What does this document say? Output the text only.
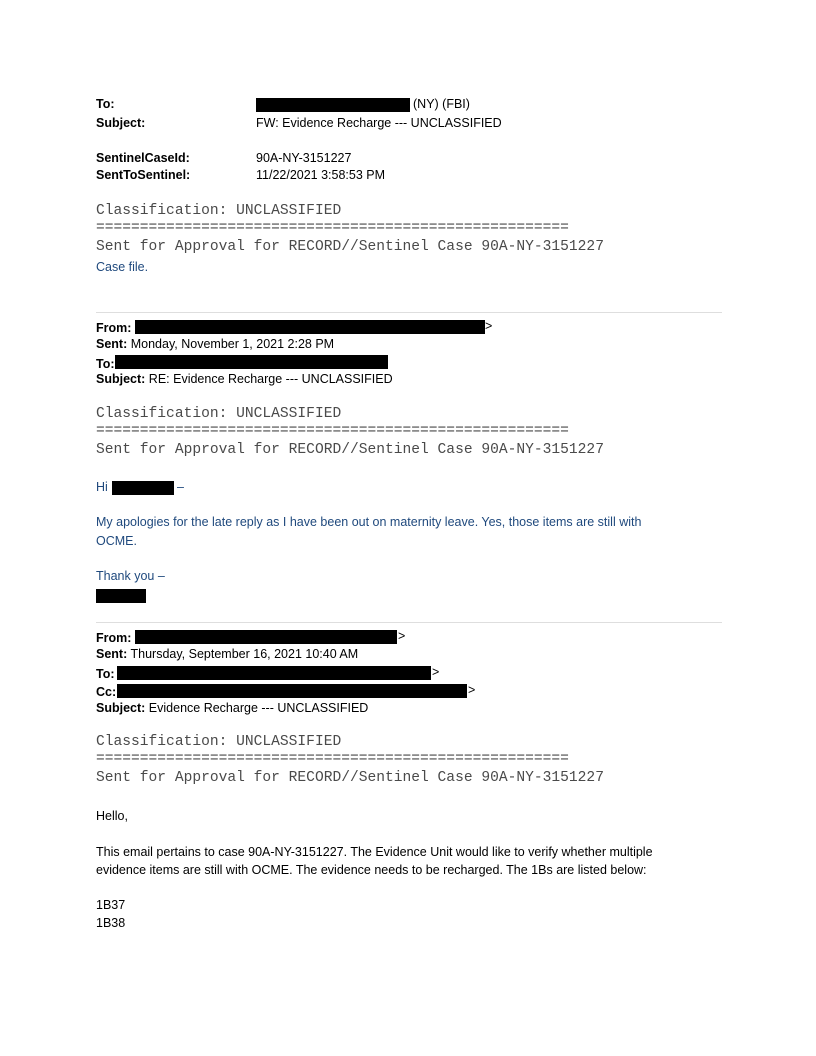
To:	(NY) (FBI)
Subject:	FW: Evidence Recharge --- UNCLASSIFIED
SentinelCaseId:	90A-NY-3151227
SentToSentinel:	11/22/2021 3:58:53 PM
Classification: UNCLASSIFIED
======================================================
Sent for Approval for RECORD//Sentinel Case 90A-NY-3151227
Case file.
From:	>
Sent: Monday, November 1, 2021 2:28 PM
To:
Subject: RE: Evidence Recharge --- UNCLASSIFIED
Classification: UNCLASSIFIED
======================================================
Sent for Approval for RECORD//Sentinel Case 90A-NY-3151227
Hi	–
My apologies for the late reply as I have been out on maternity leave. Yes, those items are still with
OCME.
Thank you –
From:	>
Sent: Thursday, September 16, 2021 10:40 AM
To:	>
Cc:	>
Subject: Evidence Recharge --- UNCLASSIFIED
Classification: UNCLASSIFIED
======================================================
Sent for Approval for RECORD//Sentinel Case 90A-NY-3151227
Hello,
This email pertains to case 90A-NY-3151227. The Evidence Unit would like to verify whether multiple
evidence items are still with OCME. The evidence needs to be recharged. The 1Bs are listed below:
1B37
1B38
